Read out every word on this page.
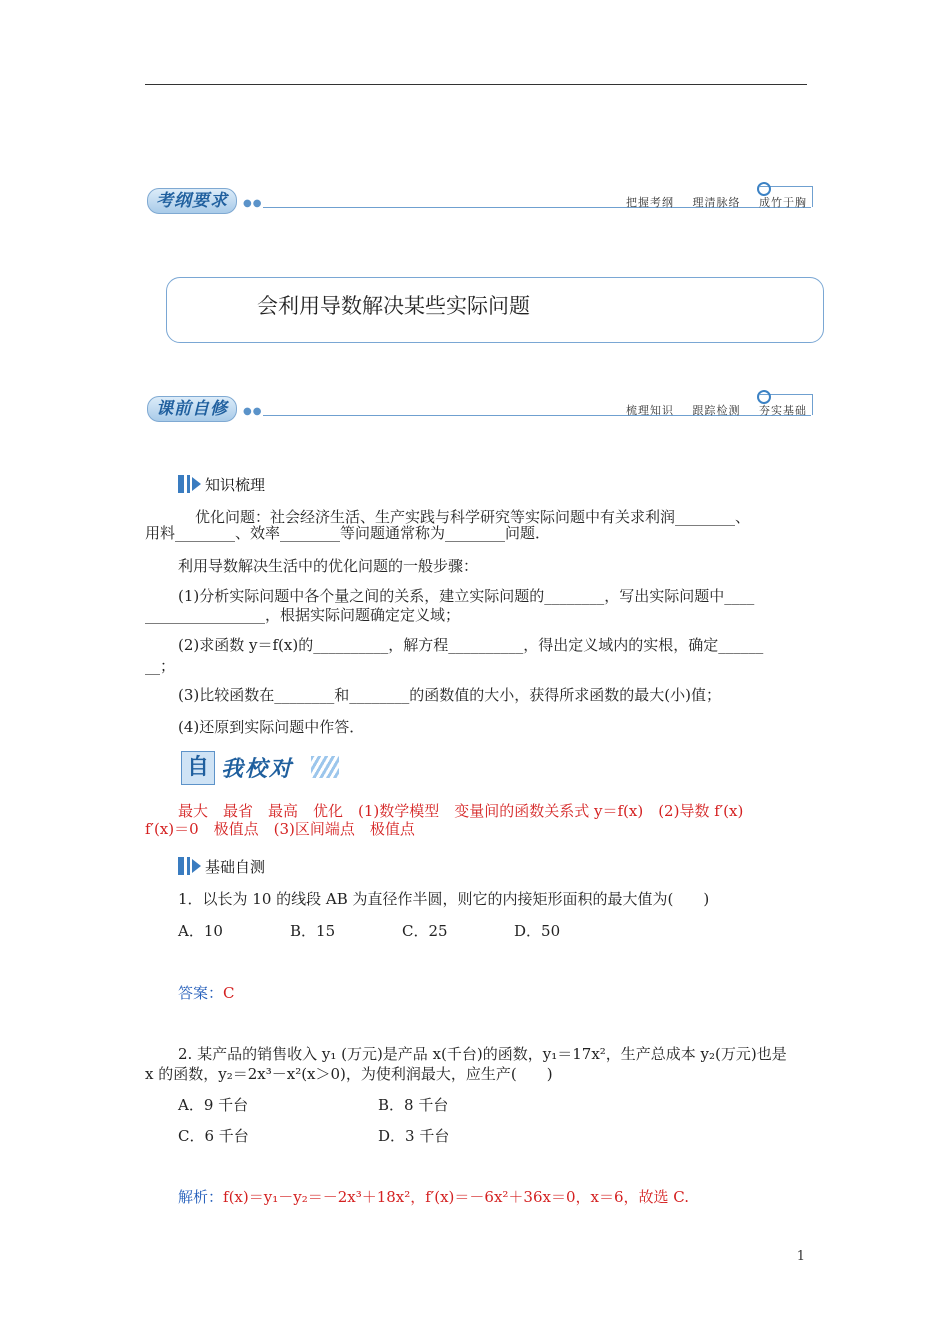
考纲要求	●●	把握考纲 理清脉络 成竹于胸
会利用导数解决某些实际问题
课前自修	●●	梳理知识 跟踪检测 夯实基础
知识梳理
优化问题：社会经济生活、生产实践与科学研究等实际问题中有关求利润________、
用料________、效率________等问题通常称为________问题．
利用导数解决生活中的优化问题的一般步骤：
(1)分析实际问题中各个量之间的关系，建立实际问题的________，写出实际问题中____
________________，根据实际问题确定定义域；
(2)求函数 y＝f(x)的__________，解方程__________，得出定义域内的实根，确定______
__；
(3)比较函数在________和________的函数值的大小，获得所求函数的最大(小)值；
(4)还原到实际问题中作答．
自 我校对
最大　最省　最高　优化　(1)数学模型　变量间的函数关系式 y＝f(x)　(2)导数 f′(x)
f′(x)＝0　极值点　(3)区间端点　极值点
基础自测
1．以长为 10 的线段 AB 为直径作半圆，则它的内接矩形面积的最大值为(　　)
A．10	B．15	C．25	D．50
答案：C
2. 某产品的销售收入 y₁ (万元)是产品 x(千台)的函数，y₁＝17x²，生产总成本 y₂(万元)也是
x 的函数，y₂＝2x³－x²(x＞0)，为使利润最大，应生产(　　)
A．9 千台	B．8 千台
C．6 千台	D．3 千台
解析：f(x)＝y₁－y₂＝－2x³＋18x²，f′(x)＝－6x²＋36x＝0，x＝6，故选 C.
1
